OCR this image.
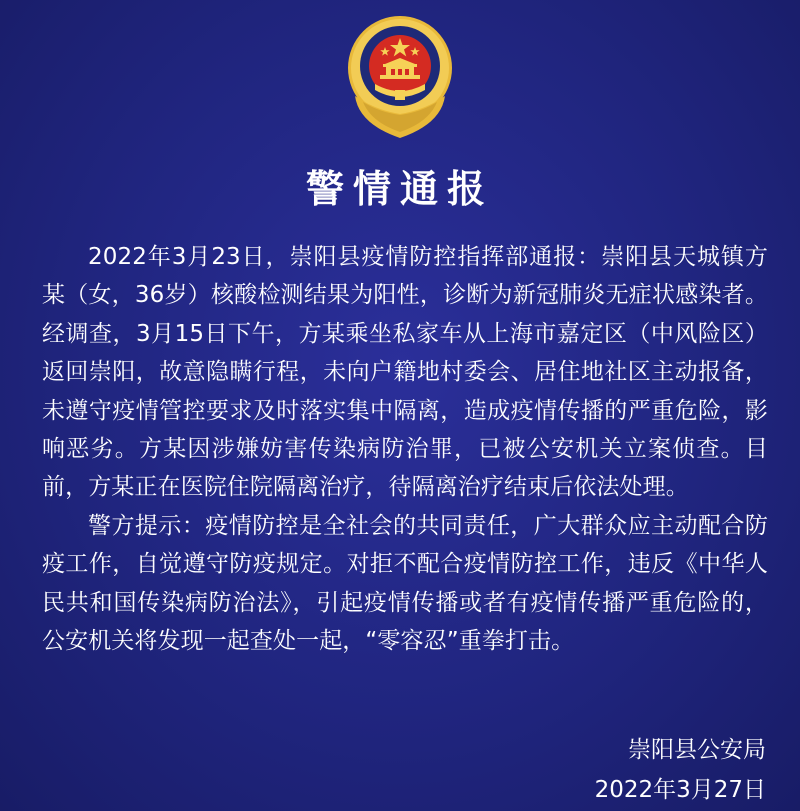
警情通报

2022年3月23日，崇阳县疫情防控指挥部通报：崇阳县天城镇方某（女，36岁）核酸检测结果为阳性，诊断为新冠肺炎无症状感染者。经调查，3月15日下午，方某乘坐私家车从上海市嘉定区（中风险区）返回崇阳，故意隐瞒行程，未向户籍地村委会、居住地社区主动报备，未遵守疫情管控要求及时落实集中隔离，造成疫情传播的严重危险，影响恶劣。方某因涉嫌妨害传染病防治罪，已被公安机关立案侦查。目前，方某正在医院住院隔离治疗，待隔离治疗结束后依法处理。

警方提示：疫情防控是全社会的共同责任，广大群众应主动配合防疫工作，自觉遵守防疫规定。对拒不配合疫情防控工作，违反《中华人民共和国传染病防治法》，引起疫情传播或者有疫情传播严重危险的，公安机关将发现一起查处一起，“零容忍”重拳打击。

崇阳县公安局
2022年3月27日
